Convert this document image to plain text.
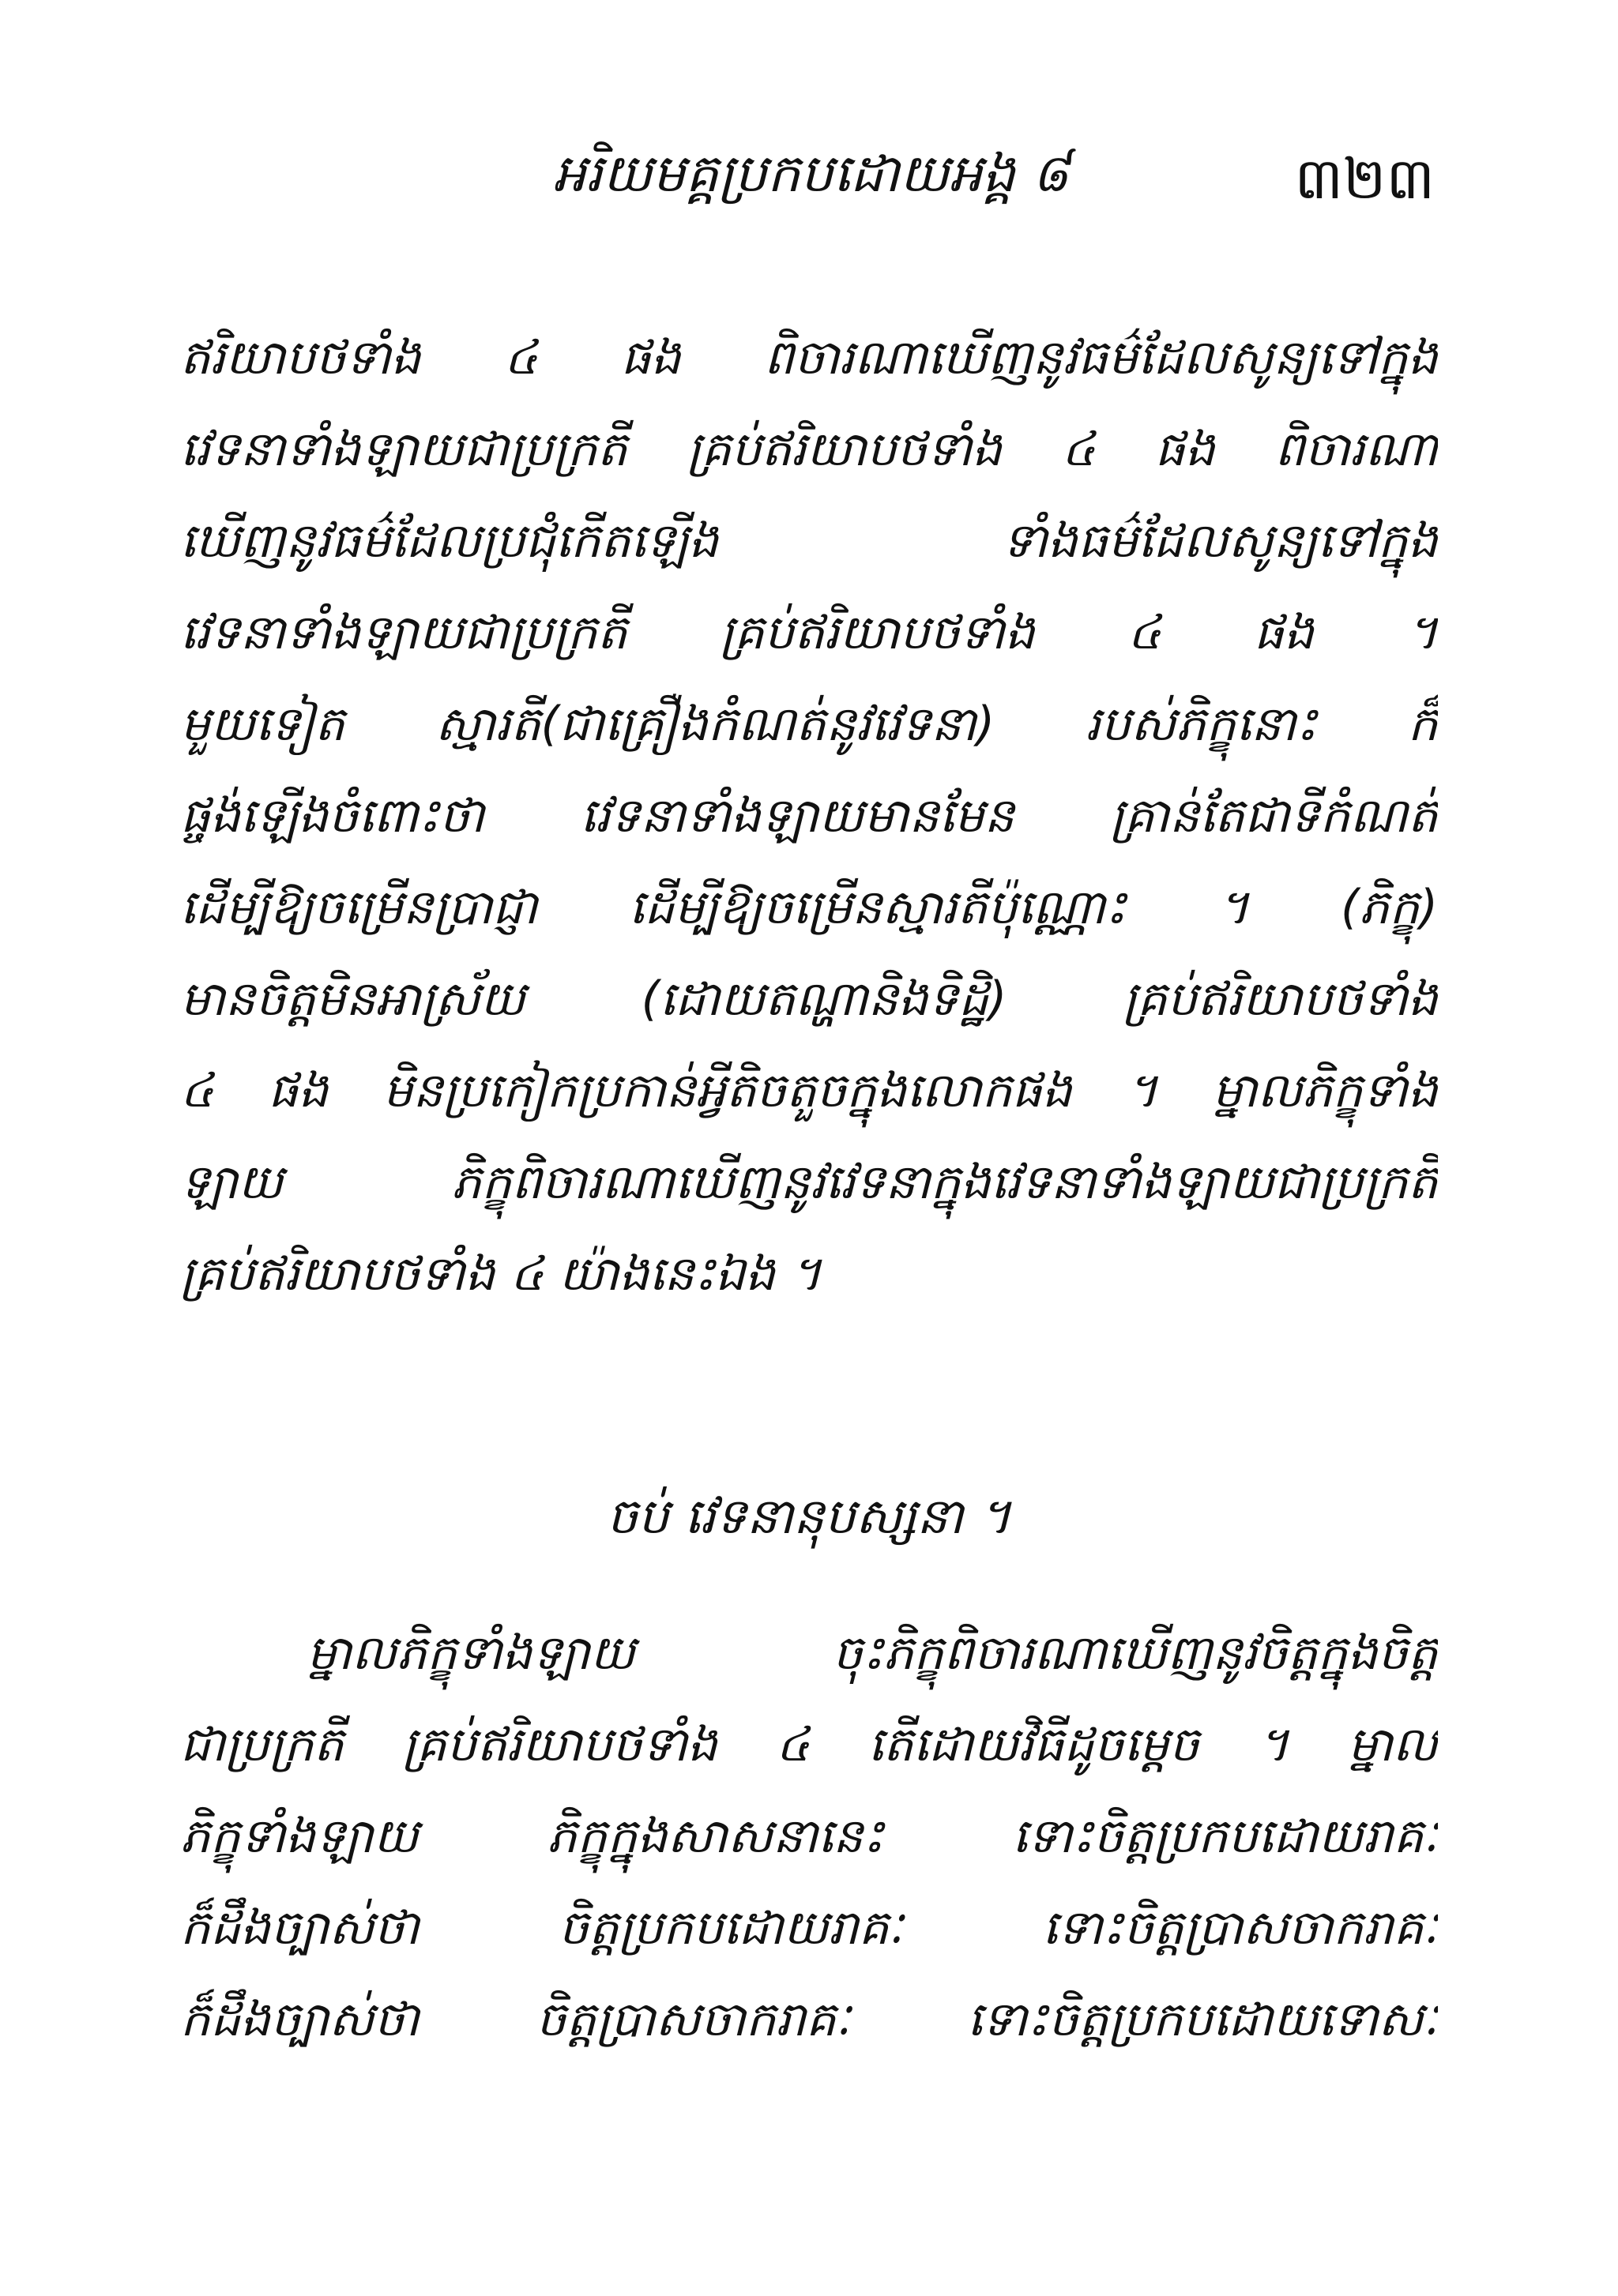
អរិយមគ្គប្រកបដោយអង្គ ៨	៣២៣
ឥរិយាបថទាំង ៤ ផង ពិចារណាឃើញនូវធម៌ដែលសូន្យទៅក្នុង
វេទនាទាំងឡាយជាប្រក្រតី គ្រប់ឥរិយាបថទាំង ៤ ផង ពិចារណា
ឃើញនូវធម៌ដែលប្រជុំកើតឡើង ទាំងធម៌ដែលសូន្យទៅក្នុង
វេទនាទាំងឡាយជាប្រក្រតី គ្រប់ឥរិយាបថទាំង ៤ ផង ។
មួយទៀត ស្មារតី(ជាគ្រឿងកំណត់នូវវេទនា) របស់ភិក្ខុនោះ ក៏
ផ្ចង់ឡើងចំពោះថា វេទនាទាំងឡាយមានមែន គ្រាន់តែជាទីកំណត់
ដើម្បីឱ្យចម្រើនប្រាជ្ញា ដើម្បីឱ្យចម្រើនស្មារតីប៉ុណ្ណោះ ។ (ភិក្ខុ)
មានចិត្តមិនអាស្រ័យ (ដោយតណ្ហានិងទិដ្ឋិ) គ្រប់ឥរិយាបថទាំង
៤ ផង មិនប្រកៀកប្រកាន់អ្វីតិចតួចក្នុងលោកផង ។ ម្នាលភិក្ខុទាំង
ឡាយ ភិក្ខុពិចារណាឃើញនូវវេទនាក្នុងវេទនាទាំងឡាយជាប្រក្រតី
គ្រប់ឥរិយាបថទាំង ៤ យ៉ាងនេះឯង ។
ចប់ វេទនានុបស្សនា ។
ម្នាលភិក្ខុទាំងឡាយ ចុះភិក្ខុពិចារណាឃើញនូវចិត្តក្នុងចិត្ត
ជាប្រក្រតី គ្រប់ឥរិយាបថទាំង ៤ តើដោយវិធីដូចម្ដេច ។ ម្នាល
ភិក្ខុទាំងឡាយ ភិក្ខុក្នុងសាសនានេះ ទោះចិត្តប្រកបដោយរាគៈ
ក៏ដឹងច្បាស់ថា ចិត្តប្រកបដោយរាគៈ ទោះចិត្តប្រាសចាករាគៈ
ក៏ដឹងច្បាស់ថា ចិត្តប្រាសចាករាគៈ ទោះចិត្តប្រកបដោយទោសៈ
